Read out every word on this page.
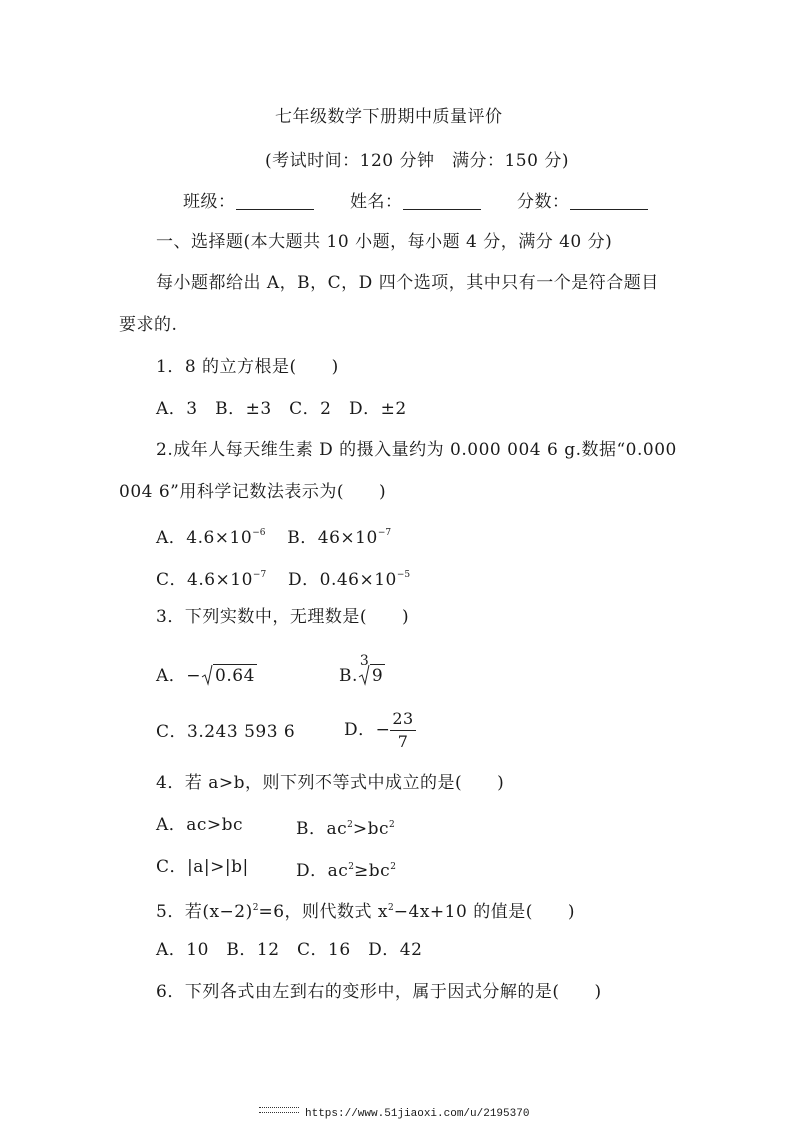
七年级数学下册期中质量评价
(考试时间：120 分钟　满分：150 分)
班级：	姓名：	分数：
一、选择题(本大题共 10 小题，每小题 4 分，满分 40 分)
每小题都给出 A，B，C，D 四个选项，其中只有一个是符合题目
要求的.
1．8 的立方根是(　　)
A．3　B．±3　C．2　D．±2
2.成年人每天维生素 D 的摄入量约为 0.000 004 6 g.数据“0.000
004 6”用科学记数法表示为(　　)
A．$4.6\times 10^{-6}$ B．$46\times 10^{-7}$
C．$4.6\times 10^{-7}$ D．$0.46\times 10^{-5}$
3．下列实数中，无理数是(　　)
A．− 0.64	B.
3
9
C．3.243 593 6	D．− $\frac{23}{7}$
4．若 a>b，则下列不等式中成立的是(　　)
A．ac>bc	B．$ac^2>bc^2$
C．|a|>|b|	D．$ac^2\ge bc^2$
5．若$(x-2)^2=6$，则代数式 $x^2-4x+10$ 的值是(　　)
A．10　B．12　C．16　D．42
6．下列各式由左到右的变形中，属于因式分解的是(　　)
https://www.51jiaoxi.com/u/2195370
